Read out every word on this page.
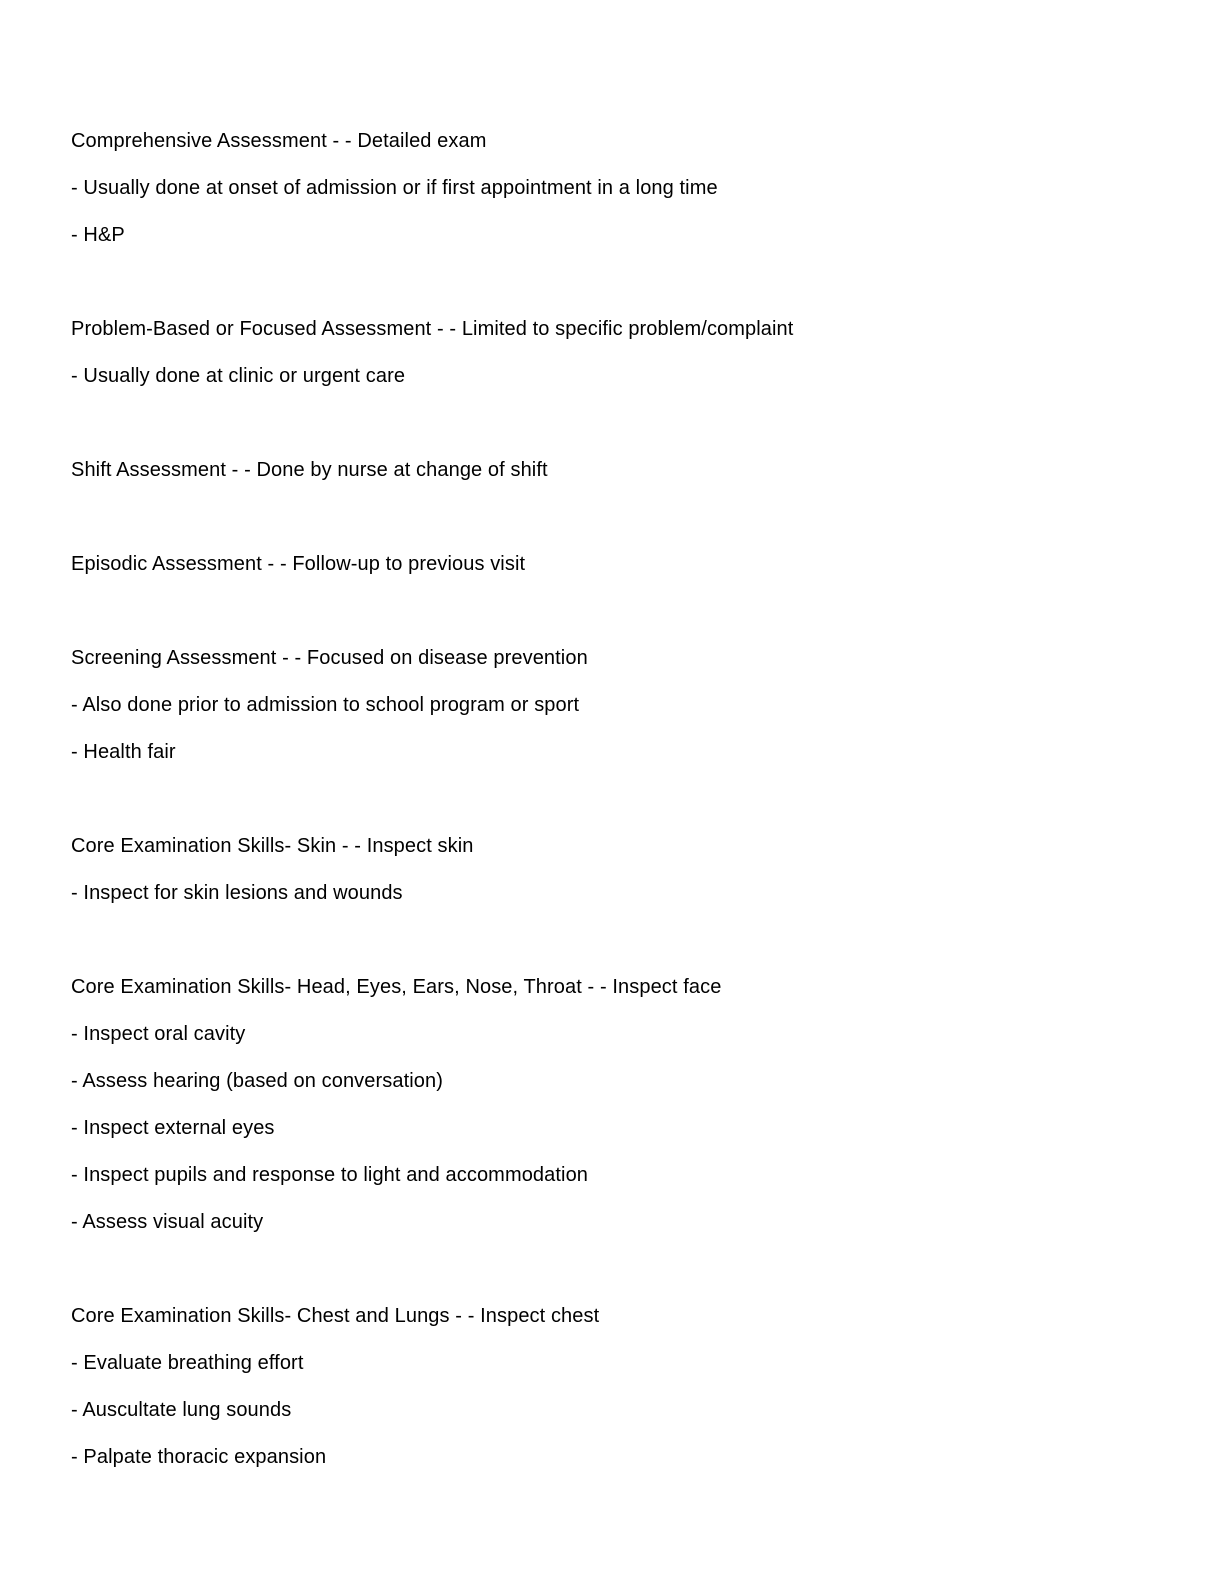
Comprehensive Assessment - - Detailed exam
- Usually done at onset of admission or if first appointment in a long time
- H&P
Problem-Based or Focused Assessment - - Limited to specific problem/complaint
- Usually done at clinic or urgent care
Shift Assessment - - Done by nurse at change of shift
Episodic Assessment - - Follow-up to previous visit
Screening Assessment - - Focused on disease prevention
- Also done prior to admission to school program or sport
- Health fair
Core Examination Skills- Skin - - Inspect skin
- Inspect for skin lesions and wounds
Core Examination Skills- Head, Eyes, Ears, Nose, Throat - - Inspect face
- Inspect oral cavity
- Assess hearing (based on conversation)
- Inspect external eyes
- Inspect pupils and response to light and accommodation
- Assess visual acuity
Core Examination Skills- Chest and Lungs - - Inspect chest
- Evaluate breathing effort
- Auscultate lung sounds
- Palpate thoracic expansion
